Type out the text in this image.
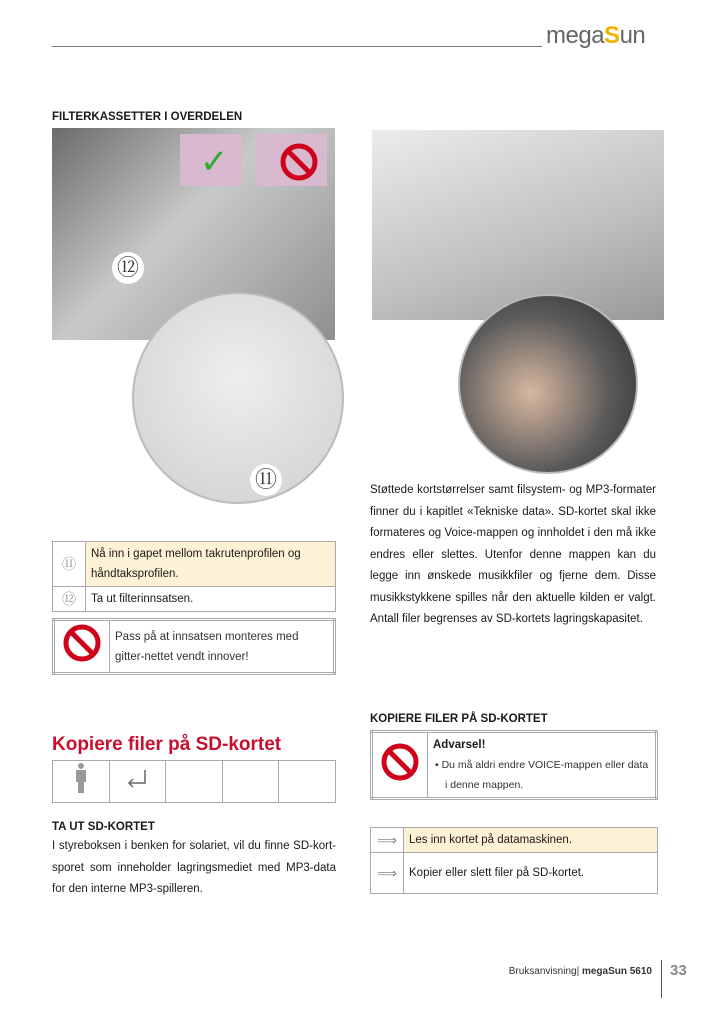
megaSun
FILTERKASSETTER I OVERDELEN
✓
⑫
⑪
⑪	Nå inn i gapet mellom takrutenprofilen og håndtaksprofilen.
⑫	Ta ut filterinnsatsen.
	Pass på at innsatsen monteres med gitter-nettet vendt innover!
Kopiere filer på SD-kortet

TA UT SD-KORTET
I styreboksen i benken for solariet, vil du finne SD-kort-sporet som inneholder lagringsmediet med MP3-data for den interne MP3-spilleren.
Støttede kortstørrelser samt filsystem- og MP3-formater finner du i kapitlet «Tekniske data». SD-kortet skal ikke formateres og Voice-mappen og innholdet i den må ikke endres eller slettes. Utenfor denne mappen kan du legge inn ønskede musikkfiler og fjerne dem. Disse musikkstykkene spilles når den aktuelle kilden er valgt. Antall filer begrenses av SD-kortets lagringskapasitet.
KOPIERE FILER PÅ SD-KORTET

Advarsel!
• Du må aldri endre VOICE-mappen eller data i denne mappen.
⟹	Les inn kortet på datamaskinen.
⟹	Kopier eller slett filer på SD-kortet.
Bruksanvisning| megaSun 5610 33
